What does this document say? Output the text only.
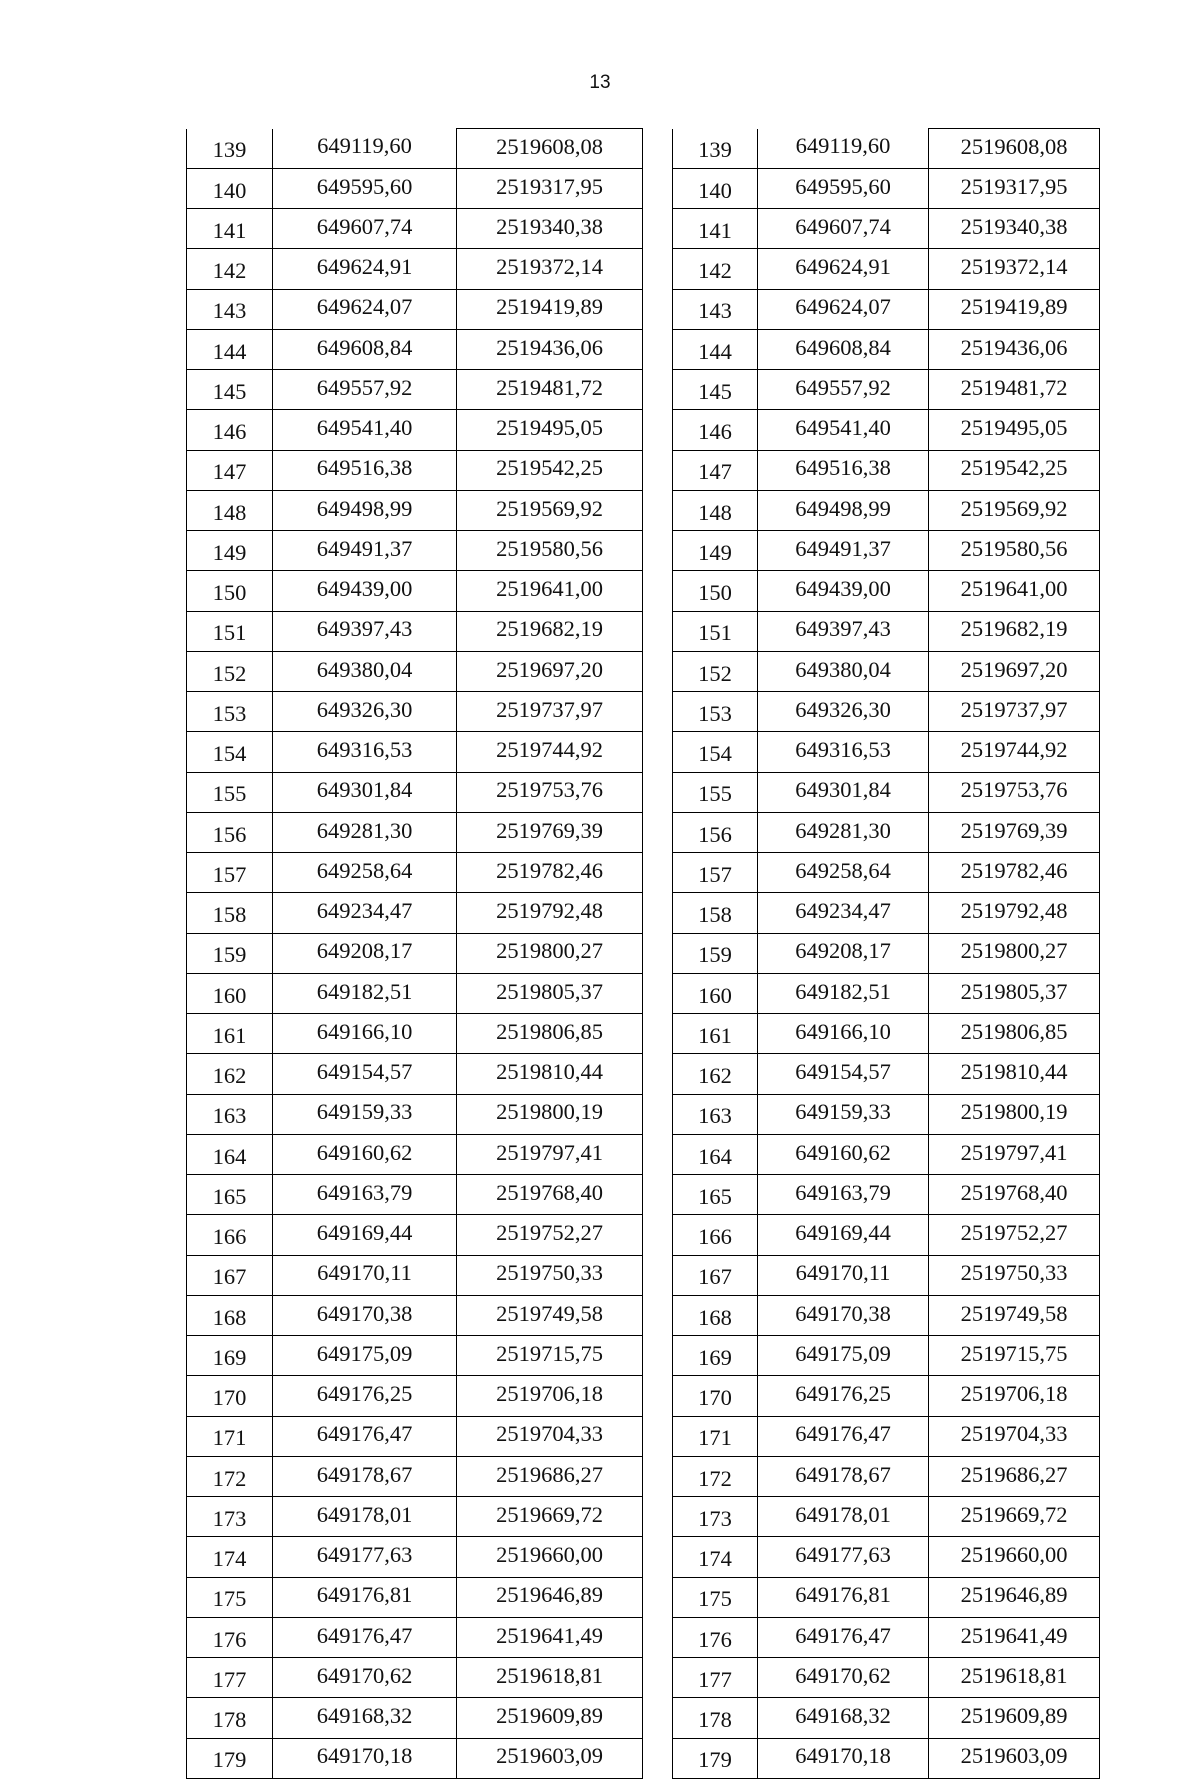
13
139	649119,60	2519608,08
140	649595,60	2519317,95
141	649607,74	2519340,38
142	649624,91	2519372,14
143	649624,07	2519419,89
144	649608,84	2519436,06
145	649557,92	2519481,72
146	649541,40	2519495,05
147	649516,38	2519542,25
148	649498,99	2519569,92
149	649491,37	2519580,56
150	649439,00	2519641,00
151	649397,43	2519682,19
152	649380,04	2519697,20
153	649326,30	2519737,97
154	649316,53	2519744,92
155	649301,84	2519753,76
156	649281,30	2519769,39
157	649258,64	2519782,46
158	649234,47	2519792,48
159	649208,17	2519800,27
160	649182,51	2519805,37
161	649166,10	2519806,85
162	649154,57	2519810,44
163	649159,33	2519800,19
164	649160,62	2519797,41
165	649163,79	2519768,40
166	649169,44	2519752,27
167	649170,11	2519750,33
168	649170,38	2519749,58
169	649175,09	2519715,75
170	649176,25	2519706,18
171	649176,47	2519704,33
172	649178,67	2519686,27
173	649178,01	2519669,72
174	649177,63	2519660,00
175	649176,81	2519646,89
176	649176,47	2519641,49
177	649170,62	2519618,81
178	649168,32	2519609,89
179	649170,18	2519603,09
139	649119,60	2519608,08
140	649595,60	2519317,95
141	649607,74	2519340,38
142	649624,91	2519372,14
143	649624,07	2519419,89
144	649608,84	2519436,06
145	649557,92	2519481,72
146	649541,40	2519495,05
147	649516,38	2519542,25
148	649498,99	2519569,92
149	649491,37	2519580,56
150	649439,00	2519641,00
151	649397,43	2519682,19
152	649380,04	2519697,20
153	649326,30	2519737,97
154	649316,53	2519744,92
155	649301,84	2519753,76
156	649281,30	2519769,39
157	649258,64	2519782,46
158	649234,47	2519792,48
159	649208,17	2519800,27
160	649182,51	2519805,37
161	649166,10	2519806,85
162	649154,57	2519810,44
163	649159,33	2519800,19
164	649160,62	2519797,41
165	649163,79	2519768,40
166	649169,44	2519752,27
167	649170,11	2519750,33
168	649170,38	2519749,58
169	649175,09	2519715,75
170	649176,25	2519706,18
171	649176,47	2519704,33
172	649178,67	2519686,27
173	649178,01	2519669,72
174	649177,63	2519660,00
175	649176,81	2519646,89
176	649176,47	2519641,49
177	649170,62	2519618,81
178	649168,32	2519609,89
179	649170,18	2519603,09
